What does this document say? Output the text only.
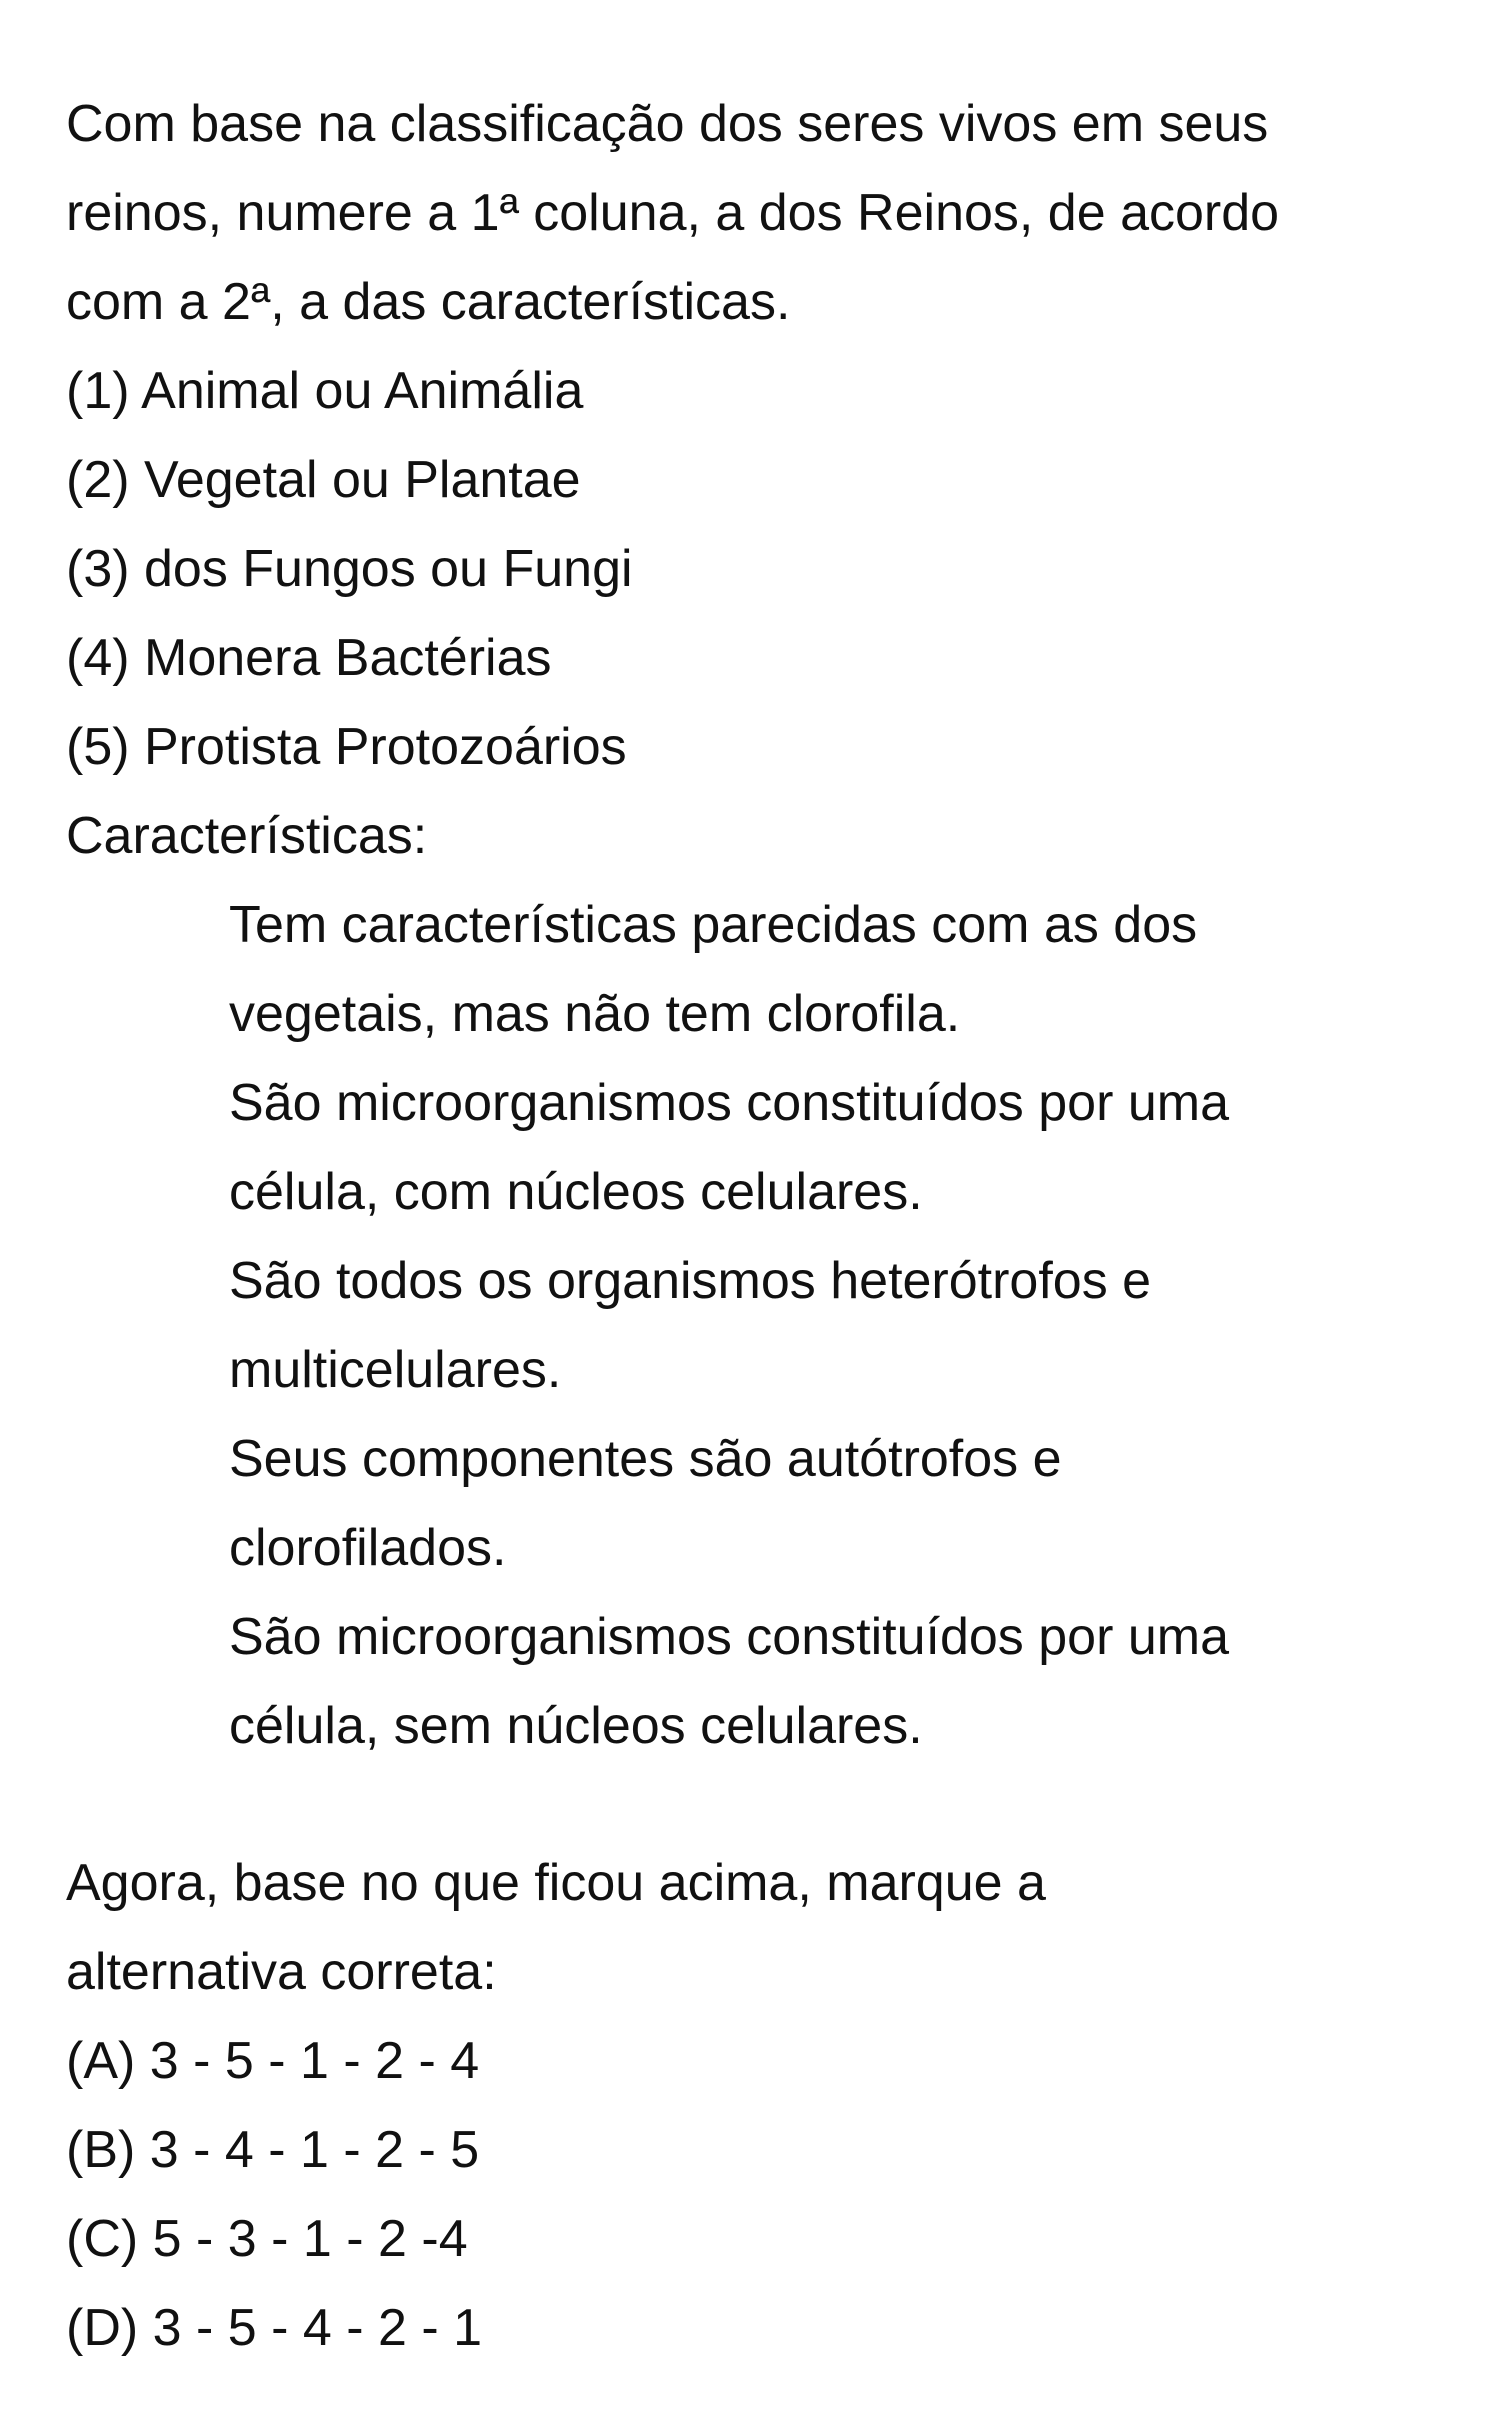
Com base na classificação dos seres vivos em seus
reinos, numere a 1ª coluna, a dos Reinos, de acordo
com a 2ª, a das características.
(1) Animal ou Animália
(2) Vegetal ou Plantae
(3) dos Fungos ou Fungi
(4) Monera Bactérias
(5) Protista Protozoários
Características:
Tem características parecidas com as dos
vegetais, mas não tem clorofila.
São microorganismos constituídos por uma
célula, com núcleos celulares.
São todos os organismos heterótrofos e
multicelulares.
Seus componentes são autótrofos e
clorofilados.
São microorganismos constituídos por uma
célula, sem núcleos celulares.
Agora, base no que ficou acima, marque a
alternativa correta:
(A) 3 - 5 - 1 - 2 - 4
(B) 3 - 4 - 1 - 2 - 5
(C) 5 - 3 - 1 - 2 -4
(D) 3 - 5 - 4 - 2 - 1
